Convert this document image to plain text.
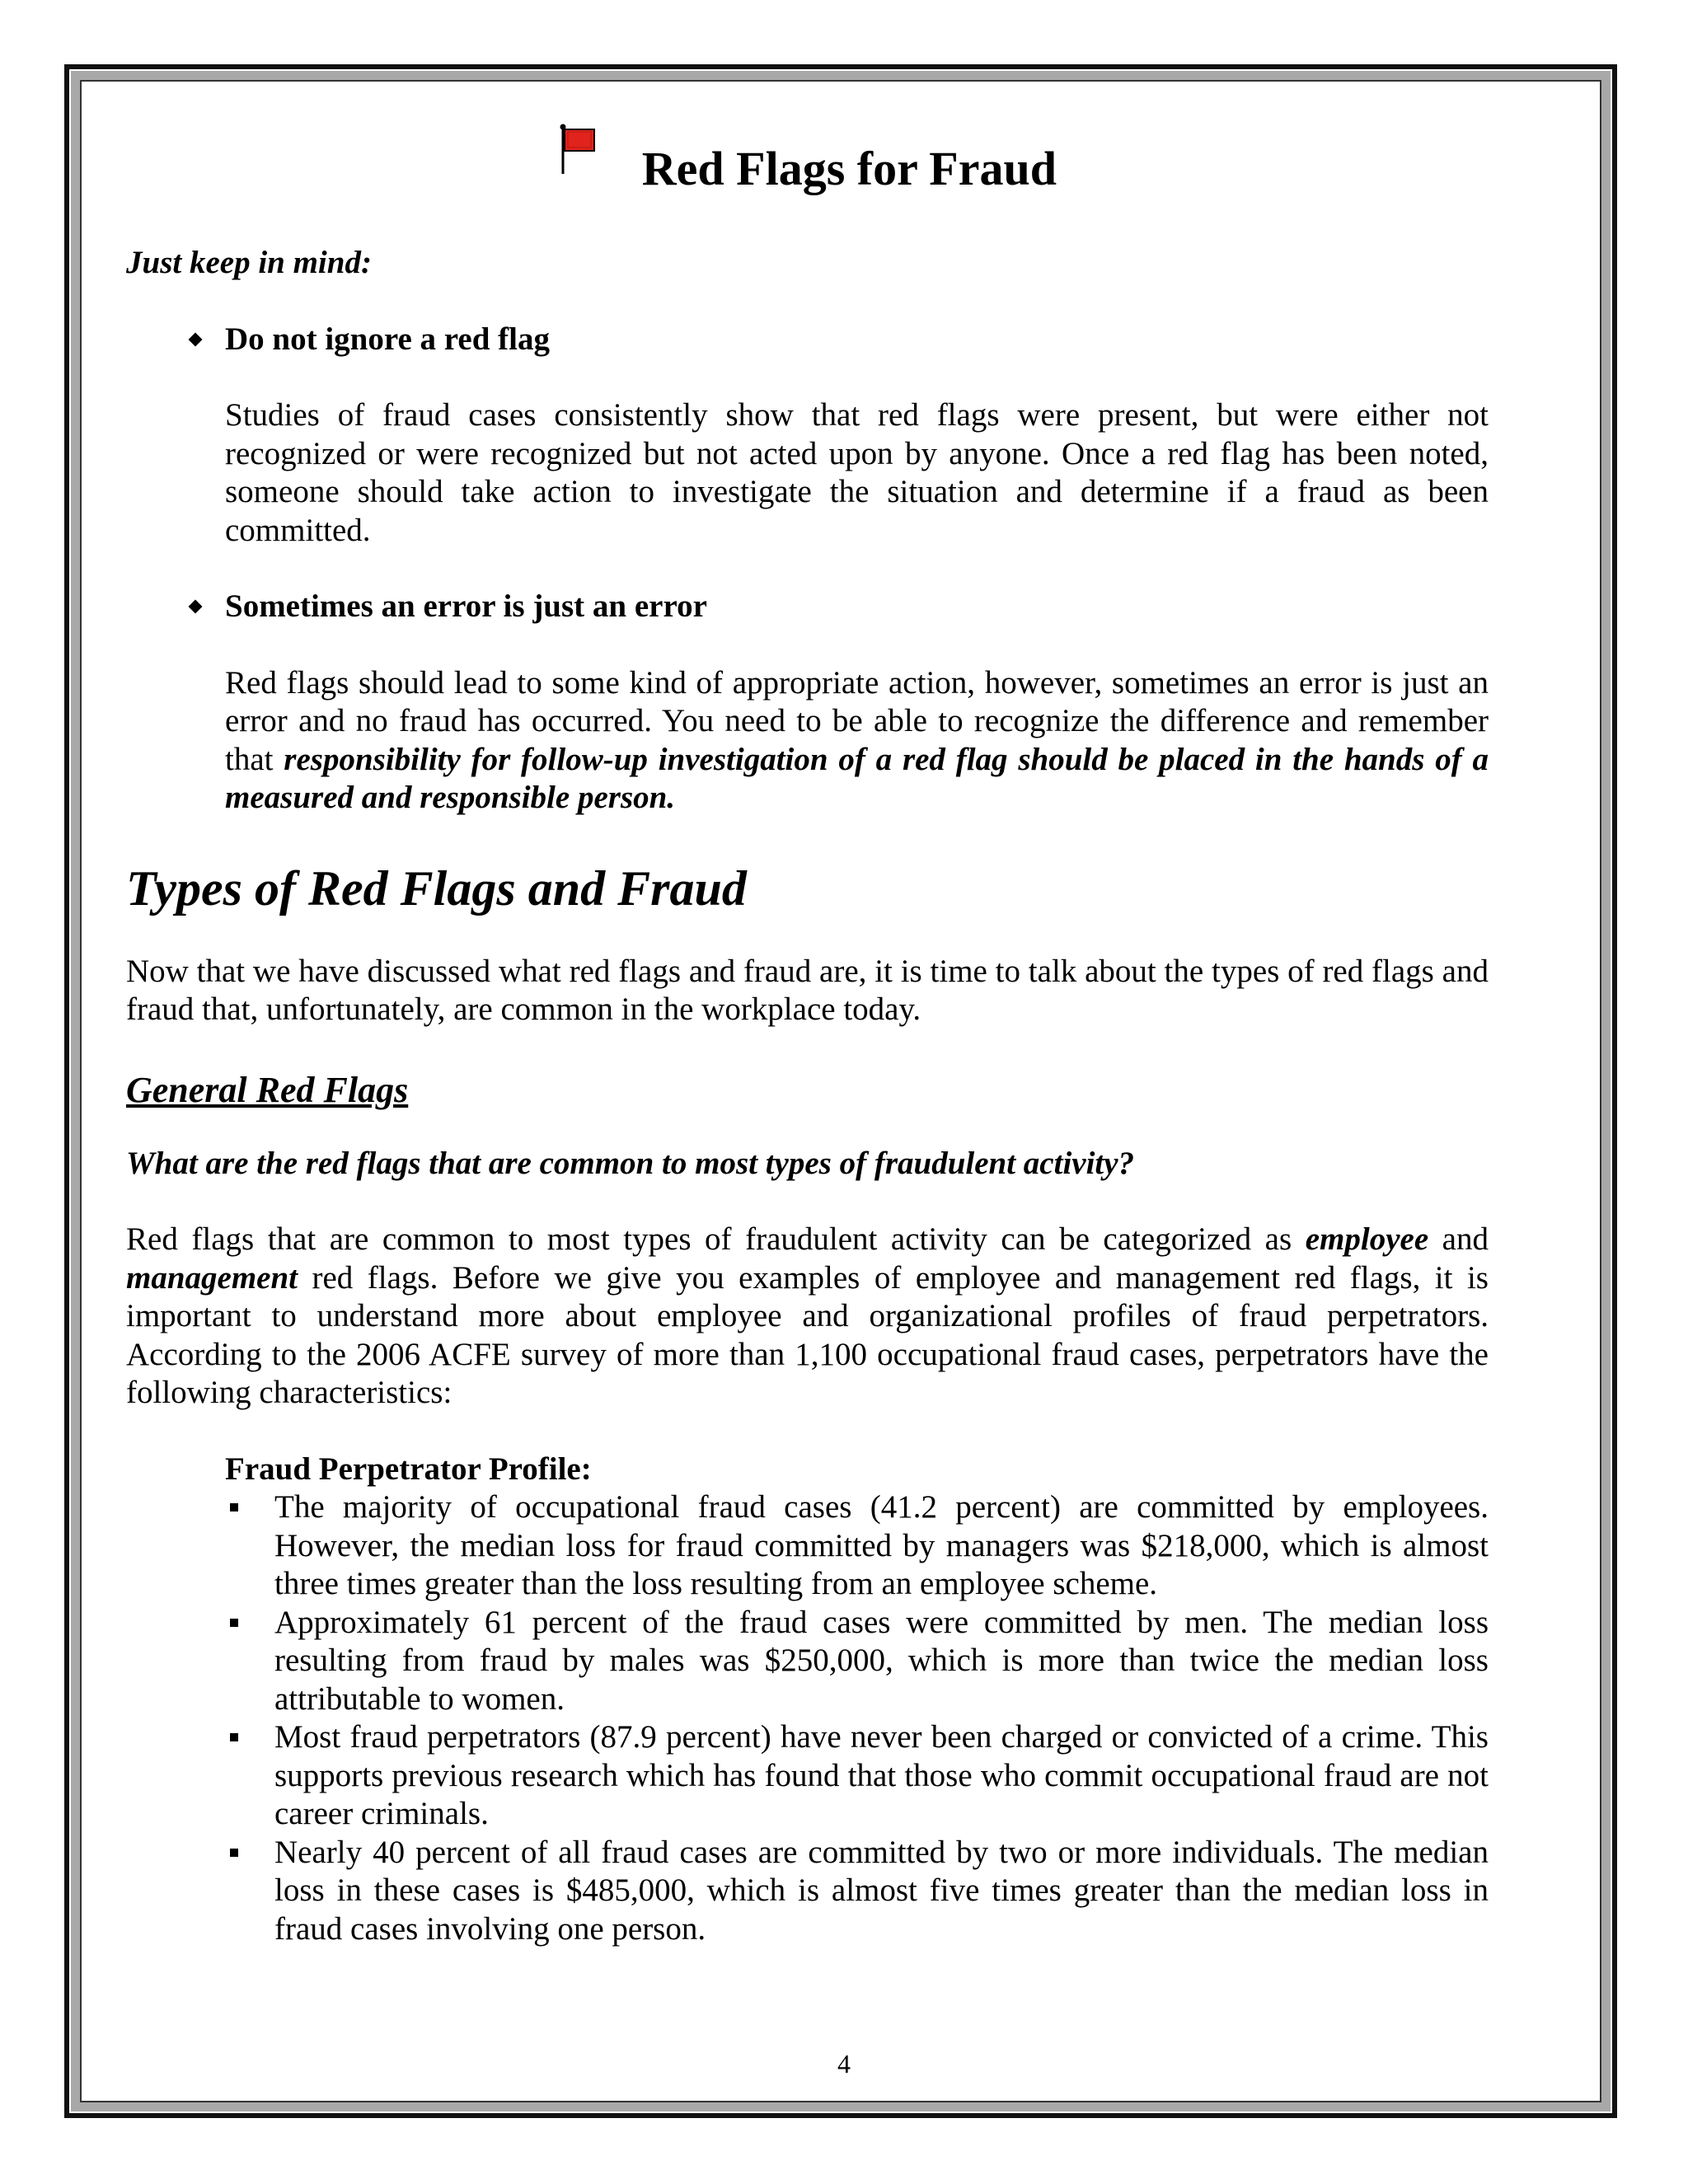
Red Flags for Fraud

Just keep in mind:

Do not ignore a red flag

Studies of fraud cases consistently show that red flags were present, but were either not recognized or were recognized but not acted upon by anyone. Once a red flag has been noted, someone should take action to investigate the situation and determine if a fraud as been committed.

Sometimes an error is just an error

Red flags should lead to some kind of appropriate action, however, sometimes an error is just an error and no fraud has occurred. You need to be able to recognize the difference and remember that responsibility for follow-up investigation of a red flag should be placed in the hands of a measured and responsible person.

Types of Red Flags and Fraud

Now that we have discussed what red flags and fraud are, it is time to talk about the types of red flags and fraud that, unfortunately, are common in the workplace today.

General Red Flags

What are the red flags that are common to most types of fraudulent activity?

Red flags that are common to most types of fraudulent activity can be categorized as employee and management red flags. Before we give you examples of employee and management red flags, it is important to understand more about employee and organizational profiles of fraud perpetrators. According to the 2006 ACFE survey of more than 1,100 occupational fraud cases, perpetrators have the following characteristics:

Fraud Perpetrator Profile:

The majority of occupational fraud cases (41.2 percent) are committed by employees. However, the median loss for fraud committed by managers was $218,000, which is almost three times greater than the loss resulting from an employee scheme.
Approximately 61 percent of the fraud cases were committed by men. The median loss resulting from fraud by males was $250,000, which is more than twice the median loss attributable to women.
Most fraud perpetrators (87.9 percent) have never been charged or convicted of a crime. This supports previous research which has found that those who commit occupational fraud are not career criminals.
Nearly 40 percent of all fraud cases are committed by two or more individuals. The median loss in these cases is $485,000, which is almost five times greater than the median loss in fraud cases involving one person.
4
